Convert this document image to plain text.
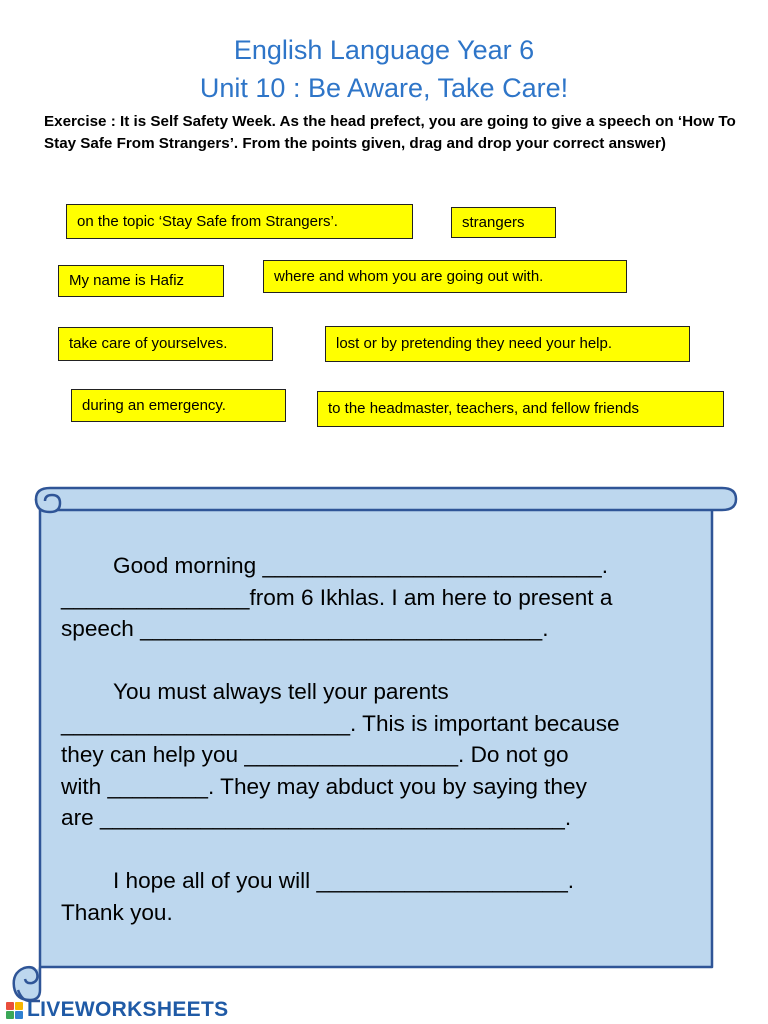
English Language Year 6
Unit 10 : Be Aware, Take Care!
Exercise : It is Self Safety Week. As the head prefect, you are going to give a speech on ‘How To Stay Safe From Strangers’. From the points given, drag and drop your correct answer)
on the topic ‘Stay Safe from Strangers’.	strangers
My name is Hafiz	where and whom you are going out with.
take care of yourselves.	lost or by pretending they need your help.
during an emergency.	to the headmaster, teachers, and fellow friends

Good morning ___________________________.

_______________from 6 Ikhlas. I am here to present a

speech ________________________________.

You must always tell your parents

_______________________. This is important because

they can help you _________________. Do not go

with ________. They may abduct you by saying they

are _____________________________________.

I hope all of you will ____________________.

Thank you.

LIVEWORKSHEETS
